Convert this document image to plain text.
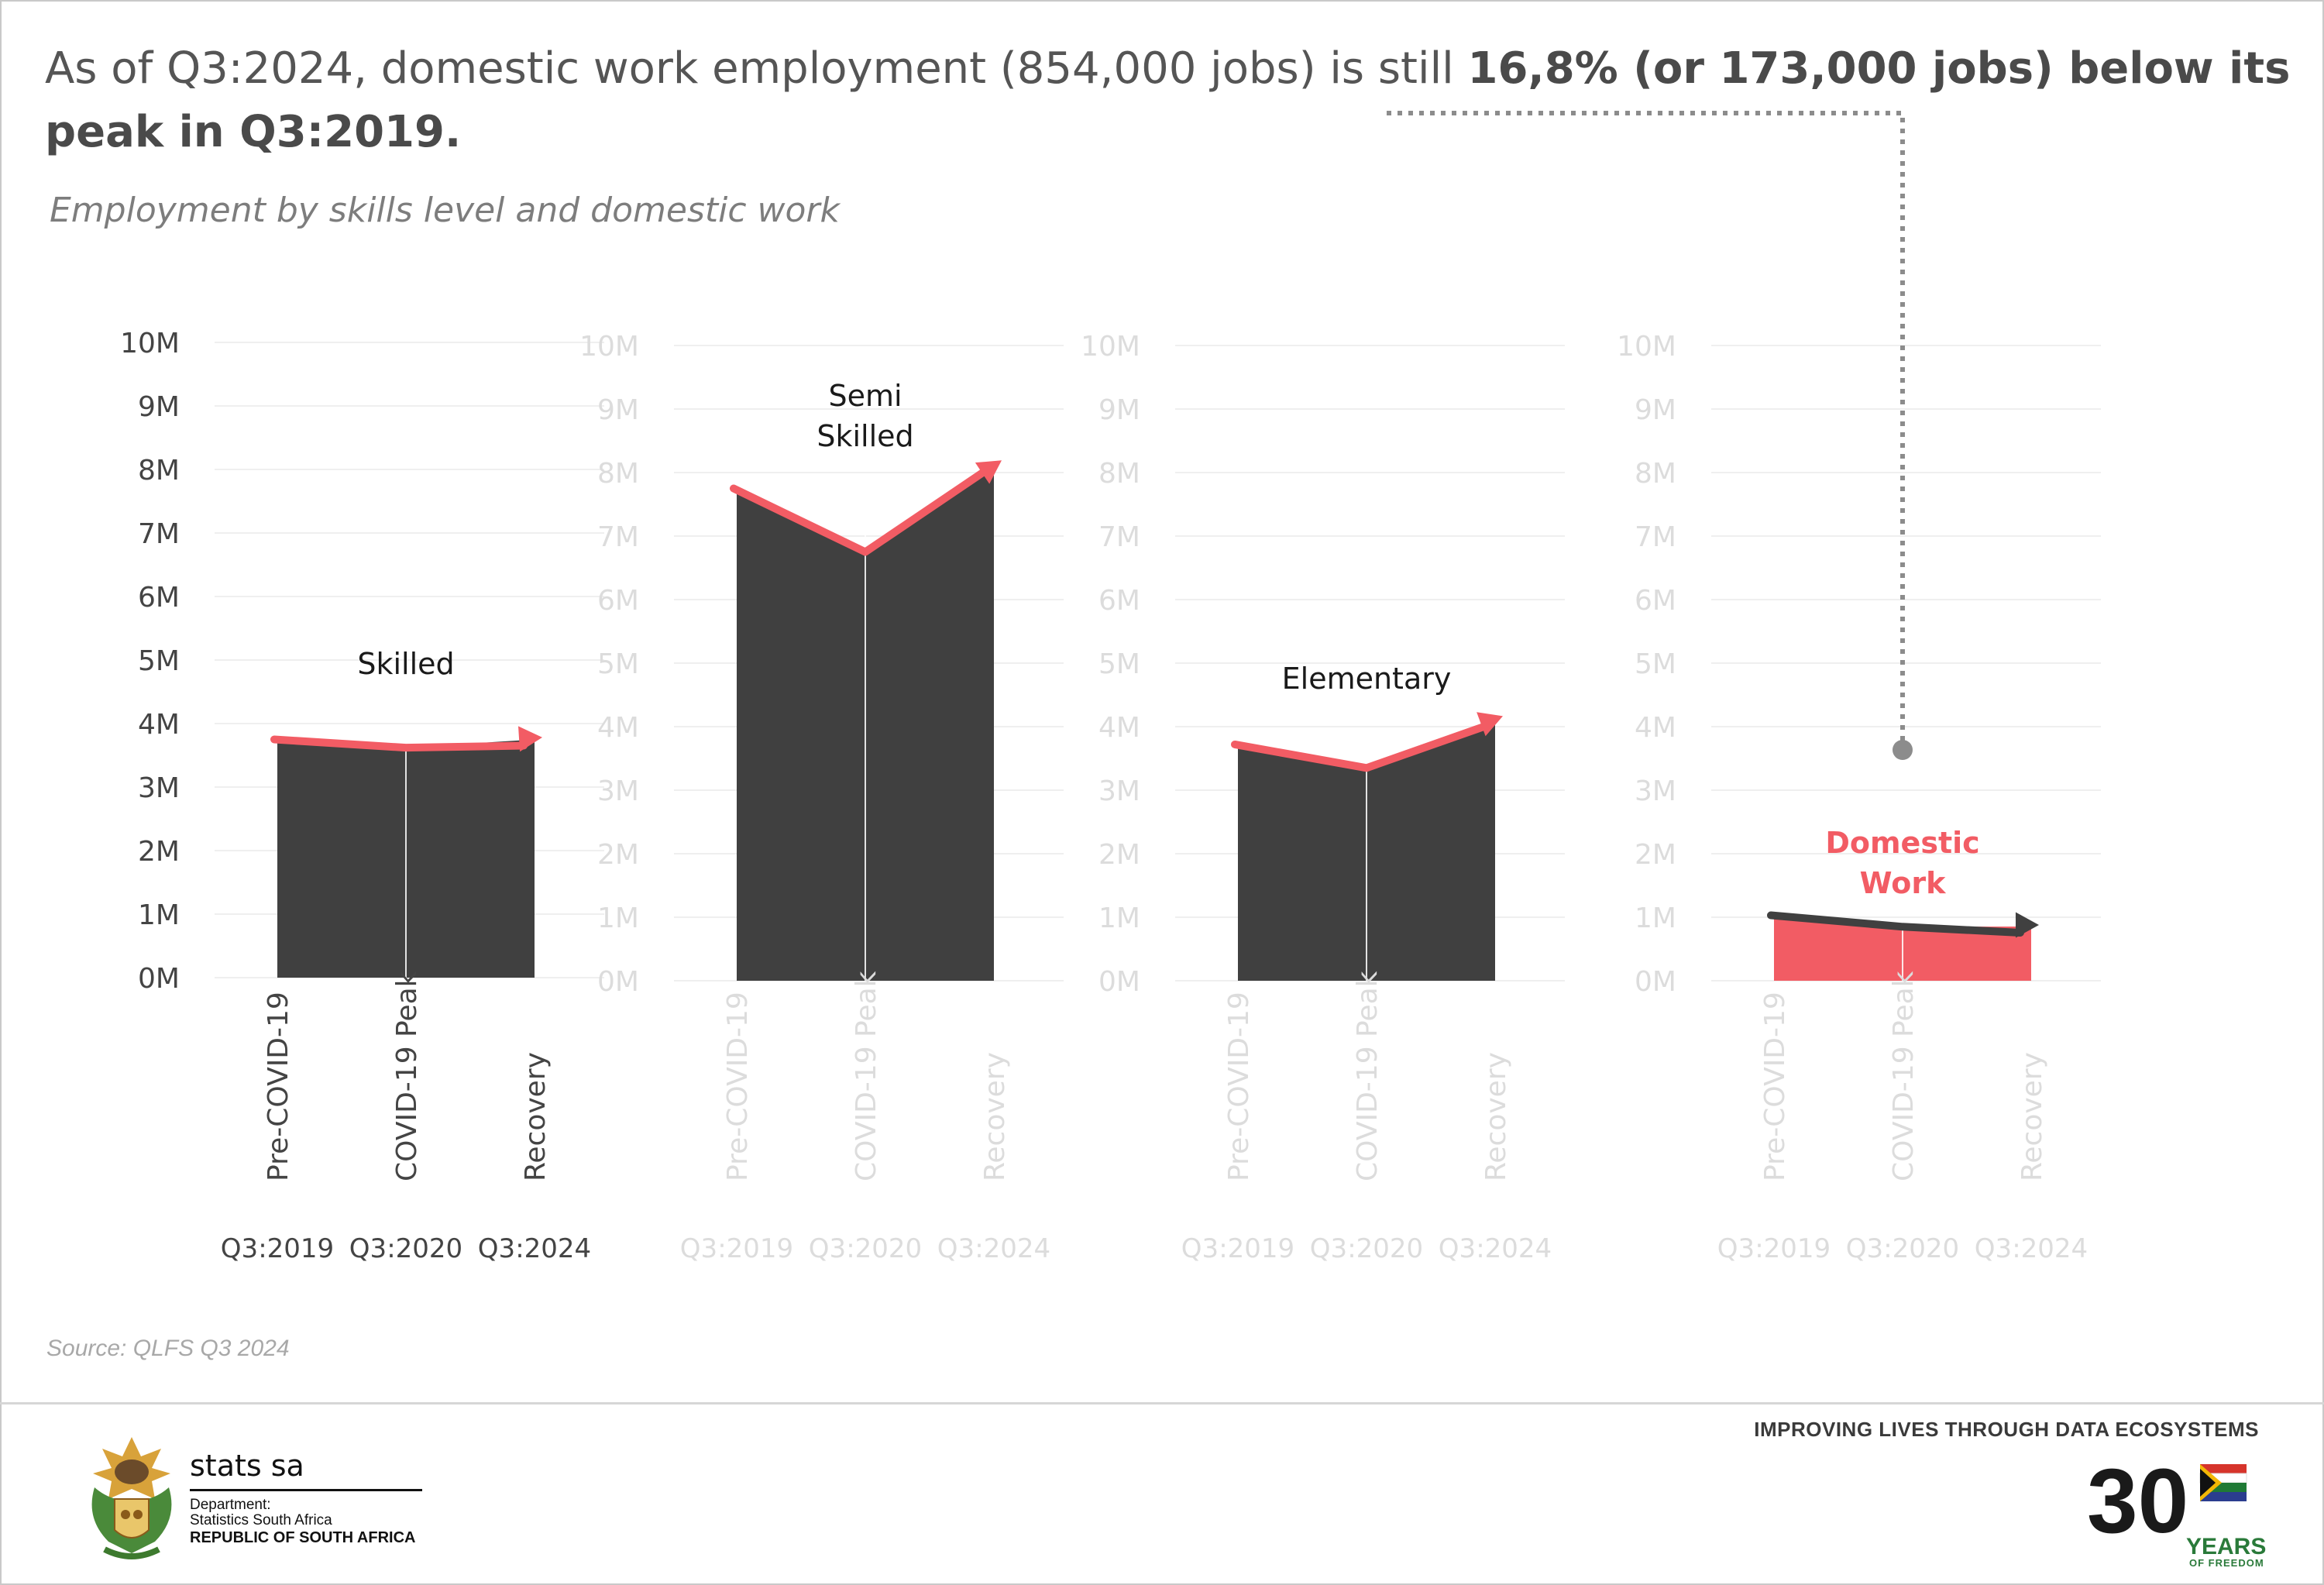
As of Q3:2024, domestic work employment (854,000 jobs) is still 16,8% (or 173,000 jobs) below its peak in Q3:2019.

Employment by skills level and domestic work
0M
1M
2M
3M
4M
5M
6M
7M
8M
9M
10M
Skilled
Pre-COVID-19	COVID-19 Peak	Recovery
Q3:2019 Q3:2020 Q3:2024
0M
1M
2M
3M
4M
5M
6M
7M
8M
9M
10M
Semi
Skilled
Pre-COVID-19	COVID-19 Peak	Recovery
Q3:2019 Q3:2020 Q3:2024
0M
1M
2M
3M
4M
5M
6M
7M
8M
9M
10M
Elementary
Pre-COVID-19	COVID-19 Peak	Recovery
Q3:2019 Q3:2020 Q3:2024
0M
1M
2M
3M
4M
5M
6M
7M
8M
9M
10M
Domestic
Work
Pre-COVID-19	COVID-19 Peak	Recovery
Q3:2019 Q3:2020 Q3:2024
Source: QLFS Q3 2024
IMPROVING LIVES THROUGH DATA ECOSYSTEMS
stats sa
Department:
Statistics South Africa
REPUBLIC OF SOUTH AFRICA	30
YEARS
OF FREEDOM
